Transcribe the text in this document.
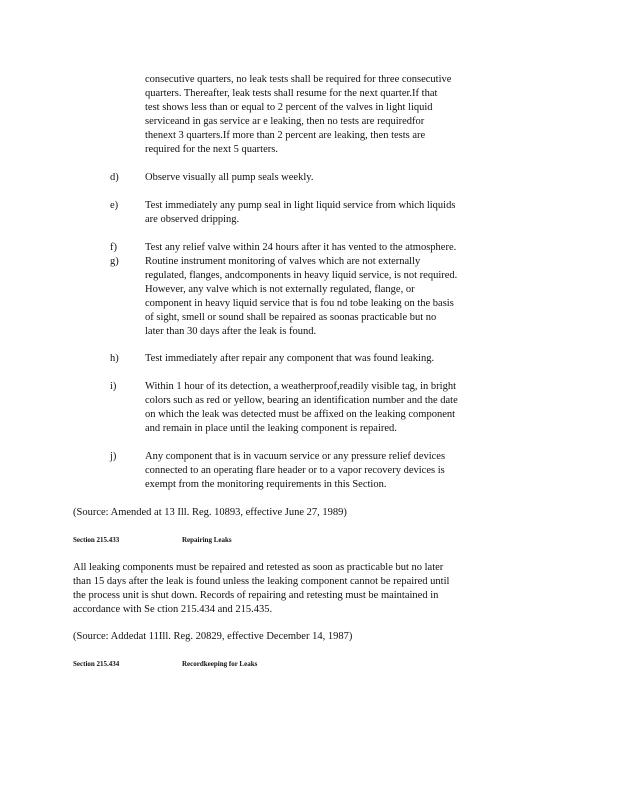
consecutive quarters, no leak tests shall be required for three consecutive
quarters. Thereafter, leak tests shall resume for the next quarter.If that
test shows less than or equal to 2 percent of the valves in light liquid
serviceand in gas service ar e leaking, then no tests are requiredfor
thenext 3 quarters.If more than 2 percent are leaking, then tests are
required for the next 5 quarters.
d)	Observe visually all pump seals weekly.
e)	Test immediately any pump seal in light liquid service from which liquids
are observed dripping.
f)	Test any relief valve within 24 hours after it has vented to the atmosphere.
g)	Routine instrument monitoring of valves which are not externally
regulated, flanges, andcomponents in heavy liquid service, is not required.
However, any valve which is not externally regulated, flange, or
component in heavy liquid service that is fou nd tobe leaking on the basis
of sight, smell or sound shall be repaired as soonas practicable but no
later than 30 days after the leak is found.
h)	Test immediately after repair any component that was found leaking.
i)	Within 1 hour of its detection, a weatherproof,readily visible tag, in bright
colors such as red or yellow, bearing an identification number and the date
on which the leak was detected must be affixed on the leaking component
and remain in place until the leaking component is repaired.
j)	Any component that is in vacuum service or any pressure relief devices
connected to an operating flare header or to a vapor recovery devices is
exempt from the monitoring requirements in this Section.
(Source: Amended at 13 Ill. Reg. 10893, effective June 27, 1989)
Section 215.433	Repairing Leaks
All leaking components must be repaired and retested as soon as practicable but no later
than 15 days after the leak is found unless the leaking component cannot be repaired until
the process unit is shut down. Records of repairing and retesting must be maintained in
accordance with Se ction 215.434 and 215.435.
(Source: Addedat 11Ill. Reg. 20829, effective December 14, 1987)
Section 215.434	Recordkeeping for Leaks
